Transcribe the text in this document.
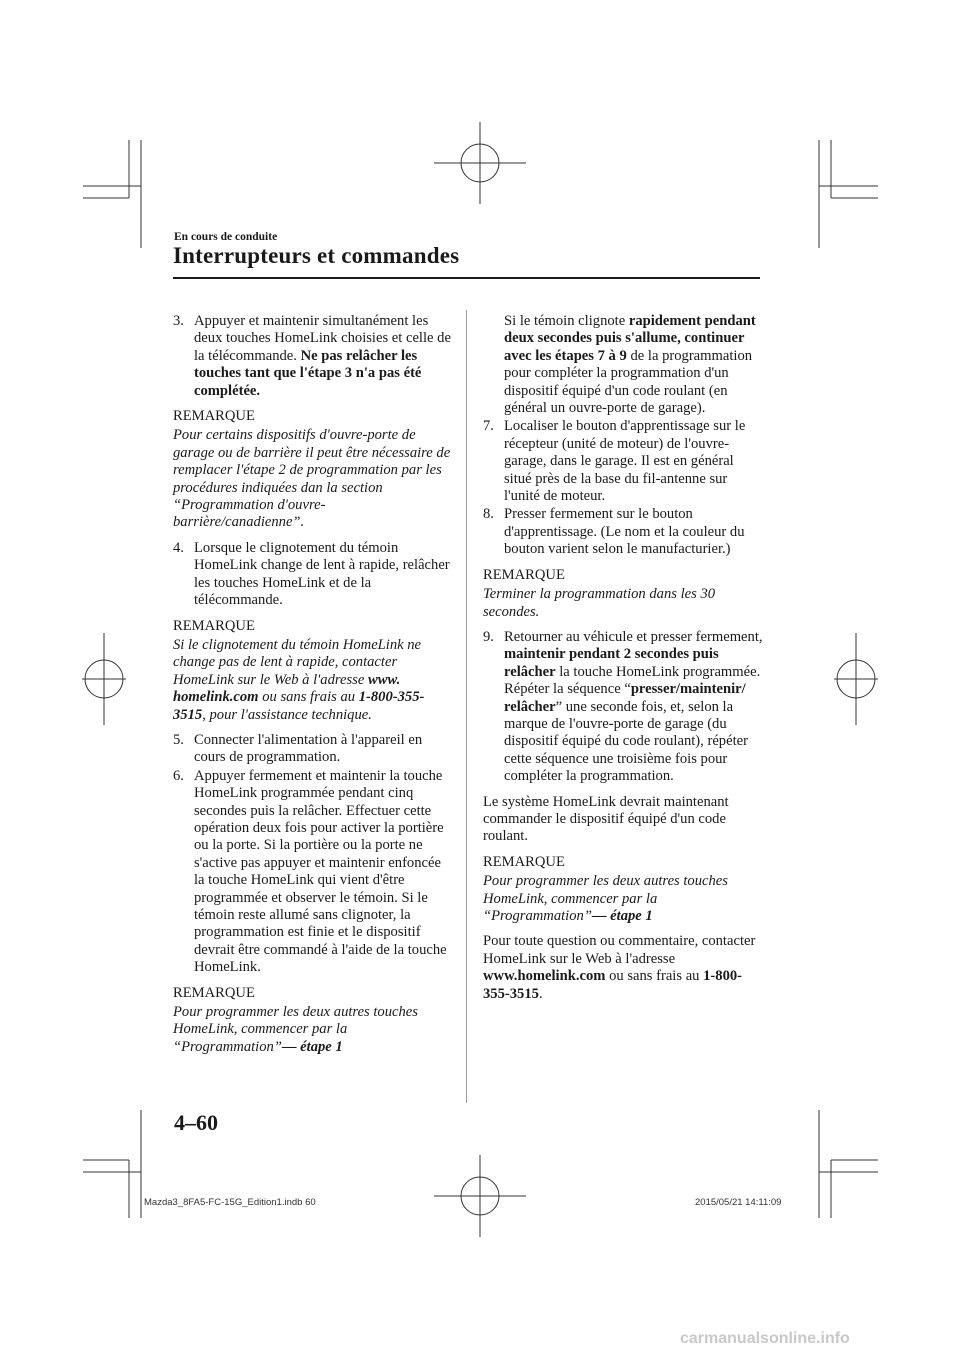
En cours de conduite

Interrupteurs et commandes

3. Appuyer et maintenir simultanément les deux touches HomeLink choisies et celle de la télécommande. Ne pas relâcher les touches tant que l'étape 3 n'a pas été complétée.

REMARQUE

Pour certains dispositifs d'ouvre-porte de garage ou de barrière il peut être nécessaire de remplacer l'étape 2 de programmation par les procédures indiquées dan la section “Programmation d'ouvre-barrière/canadienne”.

4. Lorsque le clignotement du témoin HomeLink change de lent à rapide, relâcher les touches HomeLink et de la télécommande.

REMARQUE

Si le clignotement du témoin HomeLink ne change pas de lent à rapide, contacter HomeLink sur le Web à l'adresse www. homelink.com ou sans frais au 1-800-355-3515, pour l'assistance technique.

5. Connecter l'alimentation à l'appareil en cours de programmation.

6. Appuyer fermement et maintenir la touche HomeLink programmée pendant cinq secondes puis la relâcher. Effectuer cette opération deux fois pour activer la portière ou la porte. Si la portière ou la porte ne s'active pas appuyer et maintenir enfoncée la touche HomeLink qui vient d'être programmée et observer le témoin. Si le témoin reste allumé sans clignoter, la programmation est finie et le dispositif devrait être commandé à l'aide de la touche HomeLink.

REMARQUE

Pour programmer les deux autres touches HomeLink, commencer par la “Programmation”— étape 1

Si le témoin clignote rapidement pendant deux secondes puis s'allume, continuer avec les étapes 7 à 9 de la programmation pour compléter la programmation d'un dispositif équipé d'un code roulant (en général un ouvre-porte de garage).

7. Localiser le bouton d'apprentissage sur le récepteur (unité de moteur) de l'ouvre-garage, dans le garage. Il est en général situé près de la base du fil-antenne sur l'unité de moteur.

8. Presser fermement sur le bouton d'apprentissage. (Le nom et la couleur du bouton varient selon le manufacturier.)

REMARQUE

Terminer la programmation dans les 30 secondes.

9. Retourner au véhicule et presser fermement, maintenir pendant 2 secondes puis relâcher la touche HomeLink programmée. Répéter la séquence “presser/maintenir/ relâcher” une seconde fois, et, selon la marque de l'ouvre-porte de garage (du dispositif équipé du code roulant), répéter cette séquence une troisième fois pour compléter la programmation.

Le système HomeLink devrait maintenant commander le dispositif équipé d'un code roulant.

REMARQUE

Pour programmer les deux autres touches HomeLink, commencer par la “Programmation”— étape 1

Pour toute question ou commentaire, contacter HomeLink sur le Web à l'adresse www.homelink.com ou sans frais au 1-800-355-3515.

4–60

Mazda3_8FA5-FC-15G_Edition1.indb 60	2015/05/21 14:11:09
carmanualsonline.info
